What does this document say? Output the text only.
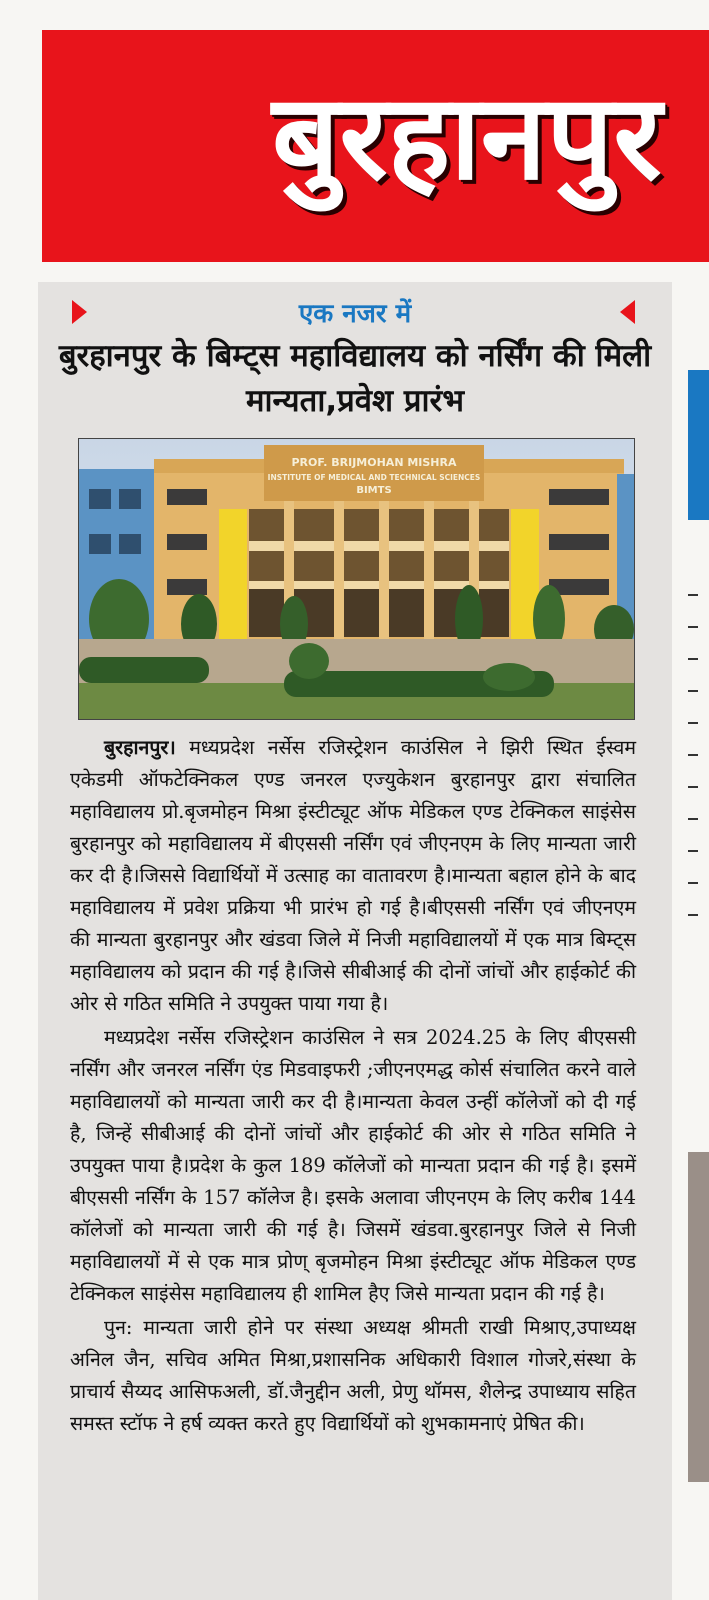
बुरहानपुर
एक नजर में
बुरहानपुर के बिम्ट्स महाविद्यालय को नर्सिंग की मिली मान्यता,प्रवेश प्रारंभ
PROF. BRIJMOHAN MISHRA
INSTITUTE OF MEDICAL AND TECHNICAL SCIENCES
BIMTS

बुरहानपुर। मध्यप्रदेश नर्सेस रजिस्ट्रेशन काउंसिल ने झिरी स्थित ईस्वम एकेडमी ऑफटेक्निकल एण्ड जनरल एज्युकेशन बुरहानपुर द्वारा संचालित महाविद्यालय प्रो.बृजमोहन मिश्रा इंस्टीट्यूट ऑफ मेडिकल एण्ड टेक्निकल साइंसेस बुरहानपुर को महाविद्यालय में बीएससी नर्सिंग एवं जीएनएम के लिए मान्यता जारी कर दी है।जिससे विद्यार्थियों में उत्साह का वातावरण है।मान्यता बहाल होने के बाद महाविद्यालय में प्रवेश प्रक्रिया भी प्रारंभ हो गई है।बीएससी नर्सिंग एवं जीएनएम की मान्यता बुरहानपुर और खंडवा जिले में निजी महाविद्यालयों में एक मात्र बिम्ट्स महाविद्यालय को प्रदान की गई है।जिसे सीबीआई की दोनों जांचों और हाईकोर्ट की ओर से गठित समिति ने उपयुक्त पाया गया है।

मध्यप्रदेश नर्सेस रजिस्ट्रेशन काउंसिल ने सत्र 2024.25 के लिए बीएससी नर्सिंग और जनरल नर्सिंग एंड मिडवाइफरी ;जीएनएमद्ध कोर्स संचालित करने वाले महाविद्यालयों को मान्यता जारी कर दी है।मान्यता केवल उन्हीं कॉलेजों को दी गई है, जिन्हें सीबीआई की दोनों जांचों और हाईकोर्ट की ओर से गठित समिति ने उपयुक्त पाया है।प्रदेश के कुल 189 कॉलेजों को मान्यता प्रदान की गई है। इसमें बीएससी नर्सिंग के 157 कॉलेज है। इसके अलावा जीएनएम के लिए करीब 144 कॉलेजों को मान्यता जारी की गई है। जिसमें खंडवा.बुरहानपुर जिले से निजी महाविद्यालयों में से एक मात्र प्रोण् बृजमोहन मिश्रा इंस्टीट्यूट ऑफ मेडिकल एण्ड टेक्निकल साइंसेस महाविद्यालय ही शामिल हैए जिसे मान्यता प्रदान की गई है।

पुन: मान्यता जारी होने पर संस्था अध्यक्ष श्रीमती राखी मिश्राए,उपाध्यक्ष अनिल जैन, सचिव अमित मिश्रा,प्रशासनिक अधिकारी विशाल गोजरे,संस्था के प्राचार्य सैय्यद आसिफअली, डॉ.जैनुद्दीन अली, प्रेणु थॉमस, शैलेन्द्र उपाध्याय सहित समस्त स्टॉफ ने हर्ष व्यक्त करते हुए विद्यार्थियों को शुभकामनाएं प्रेषित की।
